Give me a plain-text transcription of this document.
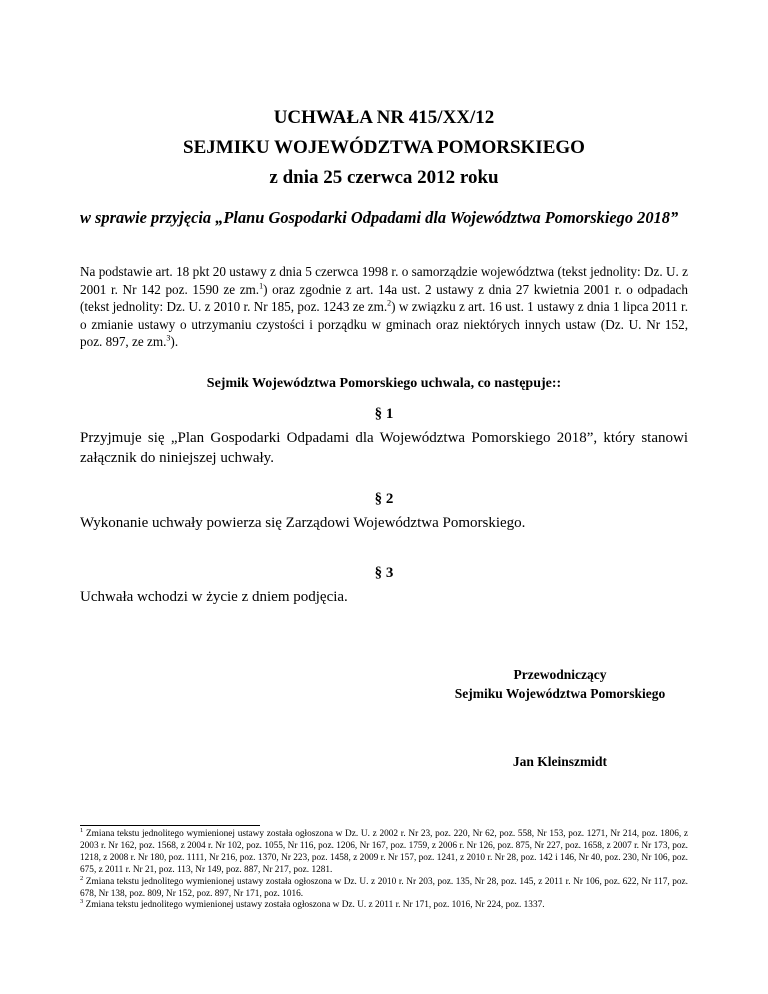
UCHWAŁA NR 415/XX/12
SEJMIKU WOJEWÓDZTWA POMORSKIEGO
z dnia 25 czerwca 2012 roku
w sprawie przyjęcia „Planu Gospodarki Odpadami dla Województwa Pomorskiego 2018”
Na podstawie art. 18 pkt 20 ustawy z dnia 5 czerwca 1998 r. o samorządzie województwa (tekst jednolity: Dz. U. z 2001 r. Nr 142 poz. 1590 ze zm.$^1$) oraz zgodnie z art. 14a ust. 2 ustawy z dnia 27 kwietnia 2001 r. o odpadach (tekst jednolity: Dz. U. z 2010 r. Nr 185, poz. 1243 ze zm.$^2$) w związku z art. 16 ust. 1 ustawy z dnia 1 lipca 2011 r. o zmianie ustawy o utrzymaniu czystości i porządku w gminach oraz niektórych innych ustaw (Dz. U. Nr 152, poz. 897, ze zm.$^3$).
Sejmik Województwa Pomorskiego uchwala, co następuje::
§ 1
Przyjmuje się „Plan Gospodarki Odpadami dla Województwa Pomorskiego 2018”, który stanowi załącznik do niniejszej uchwały.
§ 2
Wykonanie uchwały powierza się Zarządowi Województwa Pomorskiego.
§ 3
Uchwała wchodzi w życie z dniem podjęcia.
Przewodniczący
Sejmiku Województwa Pomorskiego
Jan Kleinszmidt

$^1$ Zmiana tekstu jednolitego wymienionej ustawy została ogłoszona w Dz. U. z 2002 r. Nr 23, poz. 220, Nr 62, poz. 558, Nr 153, poz. 1271, Nr 214, poz. 1806, z 2003 r. Nr 162, poz. 1568, z 2004 r. Nr 102, poz. 1055, Nr 116, poz. 1206, Nr 167, poz. 1759, z 2006 r. Nr 126, poz. 875, Nr 227, poz. 1658, z 2007 r. Nr 173, poz. 1218, z 2008 r. Nr 180, poz. 1111, Nr 216, poz. 1370, Nr 223, poz. 1458, z 2009 r. Nr 157, poz. 1241, z 2010 r. Nr 28, poz. 142 i 146, Nr 40, poz. 230, Nr 106, poz. 675, z 2011 r. Nr 21, poz. 113, Nr 149, poz. 887, Nr 217, poz. 1281.

$^2$ Zmiana tekstu jednolitego wymienionej ustawy została ogłoszona w Dz. U. z 2010 r. Nr 203, poz. 135, Nr 28, poz. 145, z 2011 r. Nr 106, poz. 622, Nr 117, poz. 678, Nr 138, poz. 809, Nr 152, poz. 897, Nr 171, poz. 1016.

$^3$ Zmiana tekstu jednolitego wymienionej ustawy została ogłoszona w Dz. U. z 2011 r. Nr 171, poz. 1016, Nr 224, poz. 1337.
